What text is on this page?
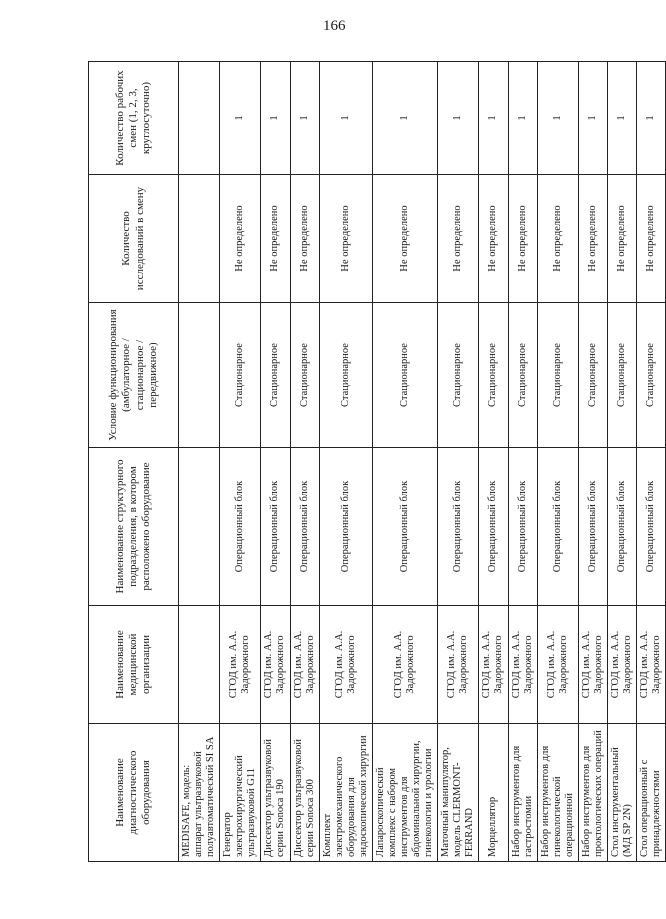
166
Наименование диагностического оборудования	Наименование медицинской организации	Наименование структурного подразделения, в котором расположено оборудование	Условие функционирования (амбулаторное / стационарное / передвижное)	Количество исследований в смену	Количество рабочих смен (1, 2, 3, круглосуточно)
MEDISAFE, модель: аппарат ультразвуковой полуавтоматический SI SA					
Генератор электрохирургический ультразвуковой G11	СГОД им. А.А. Задорожного	Операционный блок	Стационарное	Не определено	1
Диссектор ультразвуковой серии Sonoca 190	СГОД им. А.А. Задорожного	Операционный блок	Стационарное	Не определено	1
Диссектор ультразвуковой серии Sonoca 300	СГОД им. А.А. Задорожного	Операционный блок	Стационарное	Не определено	1
Комплект электромеханического оборудования для эндоскопической хирургии	СГОД им. А.А. Задорожного	Операционный блок	Стационарное	Не определено	1
Лапароскопический комплекс с набором инструментов для абдоминальной хирургии, гинекологии и урологии	СГОД им. А.А. Задорожного	Операционный блок	Стационарное	Не определено	1
Маточный манипулятор, модель CLERMONT-FERRAND	СГОД им. А.А. Задорожного	Операционный блок	Стационарное	Не определено	1
Морцеллятор	СГОД им. А.А. Задорожного	Операционный блок	Стационарное	Не определено	1
Набор инструментов для гастростомии	СГОД им. А.А. Задорожного	Операционный блок	Стационарное	Не определено	1
Набор инструментов для гинекологической операционной	СГОД им. А.А. Задорожного	Операционный блок	Стационарное	Не определено	1
Набор инструментов для проктологических операций	СГОД им. А.А. Задорожного	Операционный блок	Стационарное	Не определено	1
Стол инструментальный (MД SP 2N)	СГОД им. А.А. Задорожного	Операционный блок	Стационарное	Не определено	1
Стол операционный с принадлежностями	СГОД им. А.А. Задорожного	Операционный блок	Стационарное	Не определено	1
